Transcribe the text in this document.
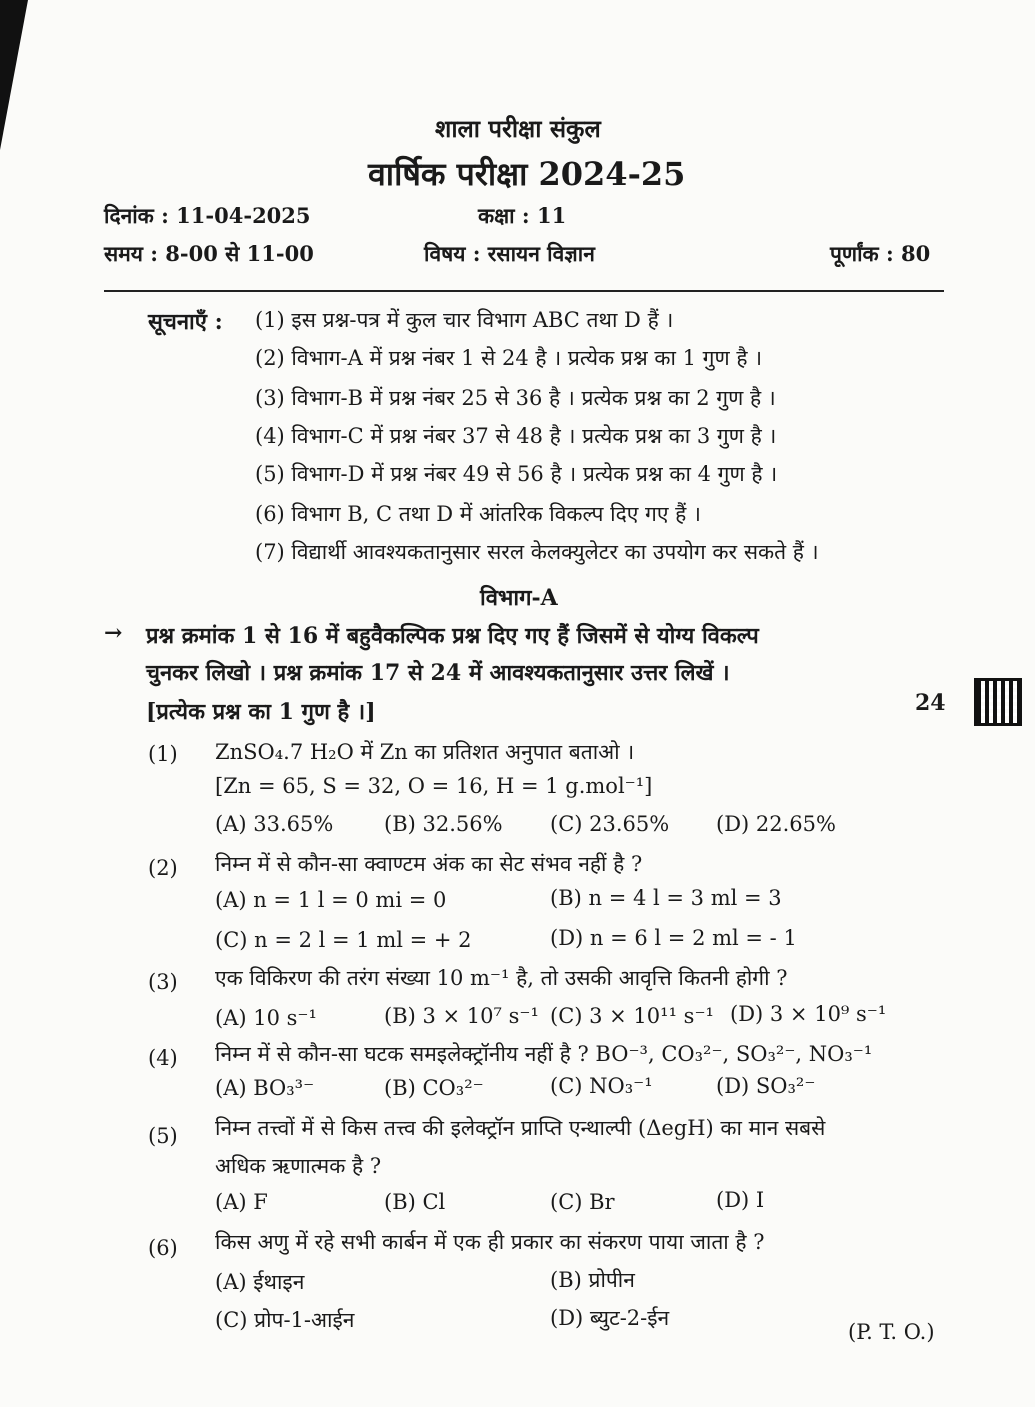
शाला परीक्षा संकुल
वार्षिक परीक्षा 2024-25
दिनांक : 11-04-2025	कक्षा : 11
समय : 8-00 से 11-00	विषय : रसायन विज्ञान	पूर्णांक : 80
सूचनाएँ : (1) इस प्रश्न-पत्र में कुल चार विभाग ABC तथा D हैं ।
(2) विभाग-A में प्रश्न नंबर 1 से 24 है । प्रत्येक प्रश्न का 1 गुण है ।
(3) विभाग-B में प्रश्न नंबर 25 से 36 है । प्रत्येक प्रश्न का 2 गुण है ।
(4) विभाग-C में प्रश्न नंबर 37 से 48 है । प्रत्येक प्रश्न का 3 गुण है ।
(5) विभाग-D में प्रश्न नंबर 49 से 56 है । प्रत्येक प्रश्न का 4 गुण है ।
(6) विभाग B, C तथा D में आंतरिक विकल्प दिए गए हैं ।
(7) विद्यार्थी आवश्यकतानुसार सरल केलक्युलेटर का उपयोग कर सकते हैं ।
विभाग-A
→ प्रश्न क्रमांक 1 से 16 में बहुवैकल्पिक प्रश्न दिए गए हैं जिसमें से योग्य विकल्प
चुनकर लिखो । प्रश्न क्रमांक 17 से 24 में आवश्यकतानुसार उत्तर लिखें ।
[प्रत्येक प्रश्न का 1 गुण है ।]	24
(1) ZnSO₄.7 H₂O में Zn का प्रतिशत अनुपात बताओ ।
[Zn = 65, S = 32, O = 16, H = 1 g.mol⁻¹]
(A) 33.65% (B) 32.56% (C) 23.65% (D) 22.65%
(2) निम्न में से कौन-सा क्वाण्टम अंक का सेट संभव नहीं है ?
(A) n = 1 l = 0 mi = 0	(B) n = 4 l = 3 ml = 3
(C) n = 2 l = 1 ml = + 2	(D) n = 6 l = 2 ml = - 1
(3) एक विकिरण की तरंग संख्या 10 m⁻¹ है, तो उसकी आवृत्ति कितनी होगी ?
(A) 10 s⁻¹	(B) 3 × 10⁷ s⁻¹ (C) 3 × 10¹¹ s⁻¹ (D) 3 × 10⁹ s⁻¹
(4) निम्न में से कौन-सा घटक समइलेक्ट्रॉनीय नहीं है ? BO⁻³, CO₃²⁻, SO₃²⁻, NO₃⁻¹
(A) BO₃³⁻	(B) CO₃²⁻	(C) NO₃⁻¹	(D) SO₃²⁻
(5) निम्न तत्त्वों में से किस तत्त्व की इलेक्ट्रॉन प्राप्ति एन्थाल्पी (ΔegH) का मान सबसे
अधिक ऋणात्मक है ?
(A) F	(B) Cl	(C) Br	(D) I
(6) किस अणु में रहे सभी कार्बन में एक ही प्रकार का संकरण पाया जाता है ?
(A) ईथाइन	(B) प्रोपीन
(C) प्रोप-1-आईन	(D) ब्युट-2-ईन
(P. T. O.)
